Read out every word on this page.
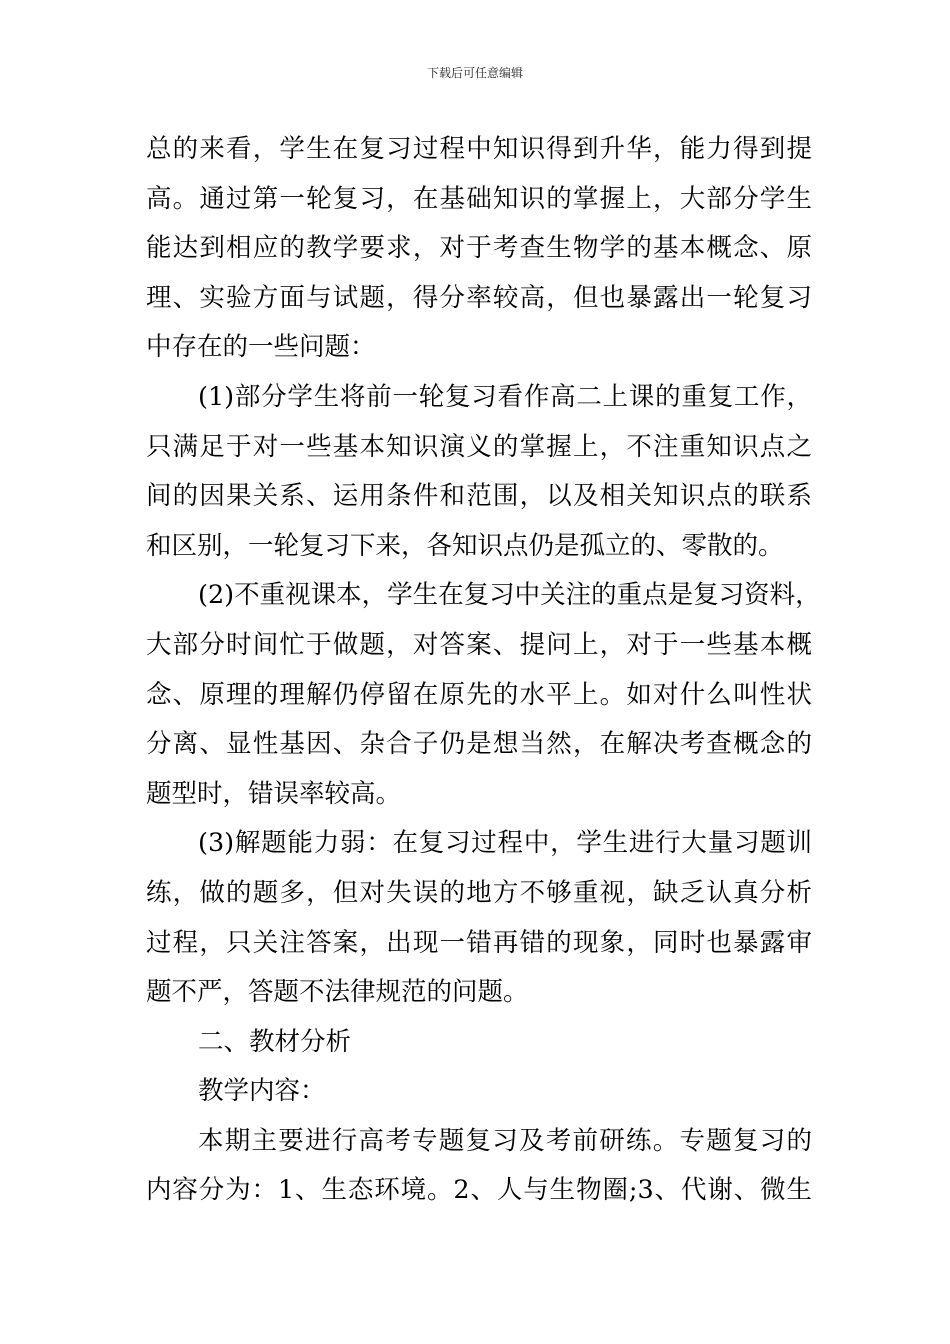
下载后可任意编辑
总的来看，学生在复习过程中知识得到升华，能力得到提
高。通过第一轮复习，在基础知识的掌握上，大部分学生
能达到相应的教学要求，对于考查生物学的基本概念、原
理、实验方面与试题，得分率较高，但也暴露出一轮复习
中存在的一些问题：
(1)部分学生将前一轮复习看作高二上课的重复工作，
只满足于对一些基本知识演义的掌握上，不注重知识点之
间的因果关系、运用条件和范围，以及相关知识点的联系
和区别，一轮复习下来，各知识点仍是孤立的、零散的。
(2)不重视课本，学生在复习中关注的重点是复习资料，
大部分时间忙于做题，对答案、提问上，对于一些基本概
念、原理的理解仍停留在原先的水平上。如对什么叫性状
分离、显性基因、杂合子仍是想当然，在解决考查概念的
题型时，错误率较高。
(3)解题能力弱：在复习过程中，学生进行大量习题训
练，做的题多，但对失误的地方不够重视，缺乏认真分析
过程，只关注答案，出现一错再错的现象，同时也暴露审
题不严，答题不法律规范的问题。
二、教材分析
教学内容：
本期主要进行高考专题复习及考前研练。专题复习的
内容分为：1、生态环境。2、人与生物圈;3、代谢、微生
